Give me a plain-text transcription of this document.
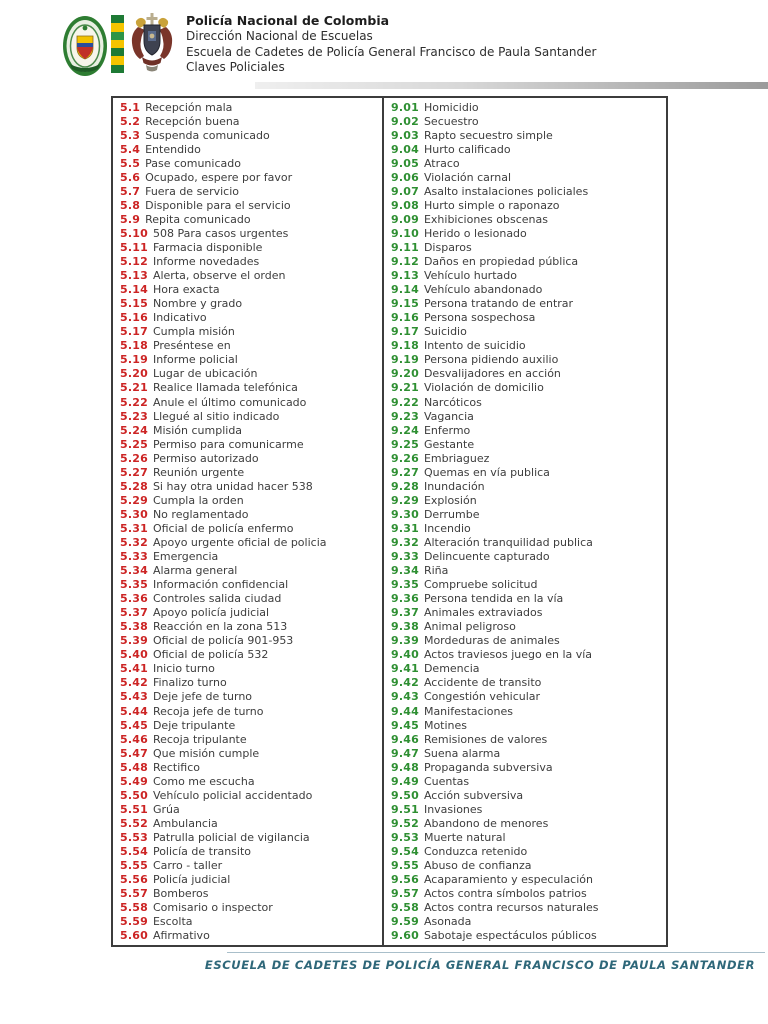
Policía Nacional de Colombia
Dirección Nacional de Escuelas
Escuela de Cadetes de Policía General Francisco de Paula Santander
Claves Policiales
5.1 Recepción mala
5.2 Recepción buena
5.3 Suspenda comunicado
5.4 Entendido
5.5 Pase comunicado
5.6 Ocupado, espere por favor
5.7 Fuera de servicio
5.8 Disponible para el servicio
5.9 Repita comunicado
5.10 508 Para casos urgentes
5.11 Farmacia disponible
5.12 Informe novedades
5.13 Alerta, observe el orden
5.14 Hora exacta
5.15 Nombre y grado
5.16 Indicativo
5.17 Cumpla misión
5.18 Preséntese en
5.19 Informe policial
5.20 Lugar de ubicación
5.21 Realice llamada telefónica
5.22 Anule el último comunicado
5.23 Llegué al sitio indicado
5.24 Misión cumplida
5.25 Permiso para comunicarme
5.26 Permiso autorizado
5.27 Reunión urgente
5.28 Si hay otra unidad hacer 538
5.29 Cumpla la orden
5.30 No reglamentado
5.31 Oficial de policía enfermo
5.32 Apoyo urgente oficial de policia
5.33 Emergencia
5.34 Alarma general
5.35 Información confidencial
5.36 Controles salida ciudad
5.37 Apoyo policía judicial
5.38 Reacción en la zona 513
5.39 Oficial de policía 901-953
5.40 Oficial de policía 532
5.41 Inicio turno
5.42 Finalizo turno
5.43 Deje jefe de turno
5.44 Recoja jefe de turno
5.45 Deje tripulante
5.46 Recoja tripulante
5.47 Que misión cumple
5.48 Rectifico
5.49 Como me escucha
5.50 Vehículo policial accidentado
5.51 Grúa
5.52 Ambulancia
5.53 Patrulla policial de vigilancia
5.54 Policía de transito
5.55 Carro - taller
5.56 Policía judicial
5.57 Bomberos
5.58 Comisario o inspector
5.59 Escolta
5.60 Afirmativo
9.01 Homicidio
9.02 Secuestro
9.03 Rapto secuestro simple
9.04 Hurto calificado
9.05 Atraco
9.06 Violación carnal
9.07 Asalto instalaciones policiales
9.08 Hurto simple o raponazo
9.09 Exhibiciones obscenas
9.10 Herido o lesionado
9.11 Disparos
9.12 Daños en propiedad pública
9.13 Vehículo hurtado
9.14 Vehículo abandonado
9.15 Persona tratando de entrar
9.16 Persona sospechosa
9.17 Suicidio
9.18 Intento de suicidio
9.19 Persona pidiendo auxilio
9.20 Desvalijadores en acción
9.21 Violación de domicilio
9.22 Narcóticos
9.23 Vagancia
9.24 Enfermo
9.25 Gestante
9.26 Embriaguez
9.27 Quemas en vía publica
9.28 Inundación
9.29 Explosión
9.30 Derrumbe
9.31 Incendio
9.32 Alteración tranquilidad publica
9.33 Delincuente capturado
9.34 Riña
9.35 Compruebe solicitud
9.36 Persona tendida en la vía
9.37 Animales extraviados
9.38 Animal peligroso
9.39 Mordeduras de animales
9.40 Actos traviesos juego en la vía
9.41 Demencia
9.42 Accidente de transito
9.43 Congestión vehicular
9.44 Manifestaciones
9.45 Motines
9.46 Remisiones de valores
9.47 Suena alarma
9.48 Propaganda subversiva
9.49 Cuentas
9.50 Acción subversiva
9.51 Invasiones
9.52 Abandono de menores
9.53 Muerte natural
9.54 Conduzca retenido
9.55 Abuso de confianza
9.56 Acaparamiento y especulación
9.57 Actos contra símbolos patrios
9.58 Actos contra recursos naturales
9.59 Asonada
9.60 Sabotaje espectáculos públicos
ESCUELA DE CADETES DE POLICÍA GENERAL FRANCISCO DE PAULA SANTANDER
